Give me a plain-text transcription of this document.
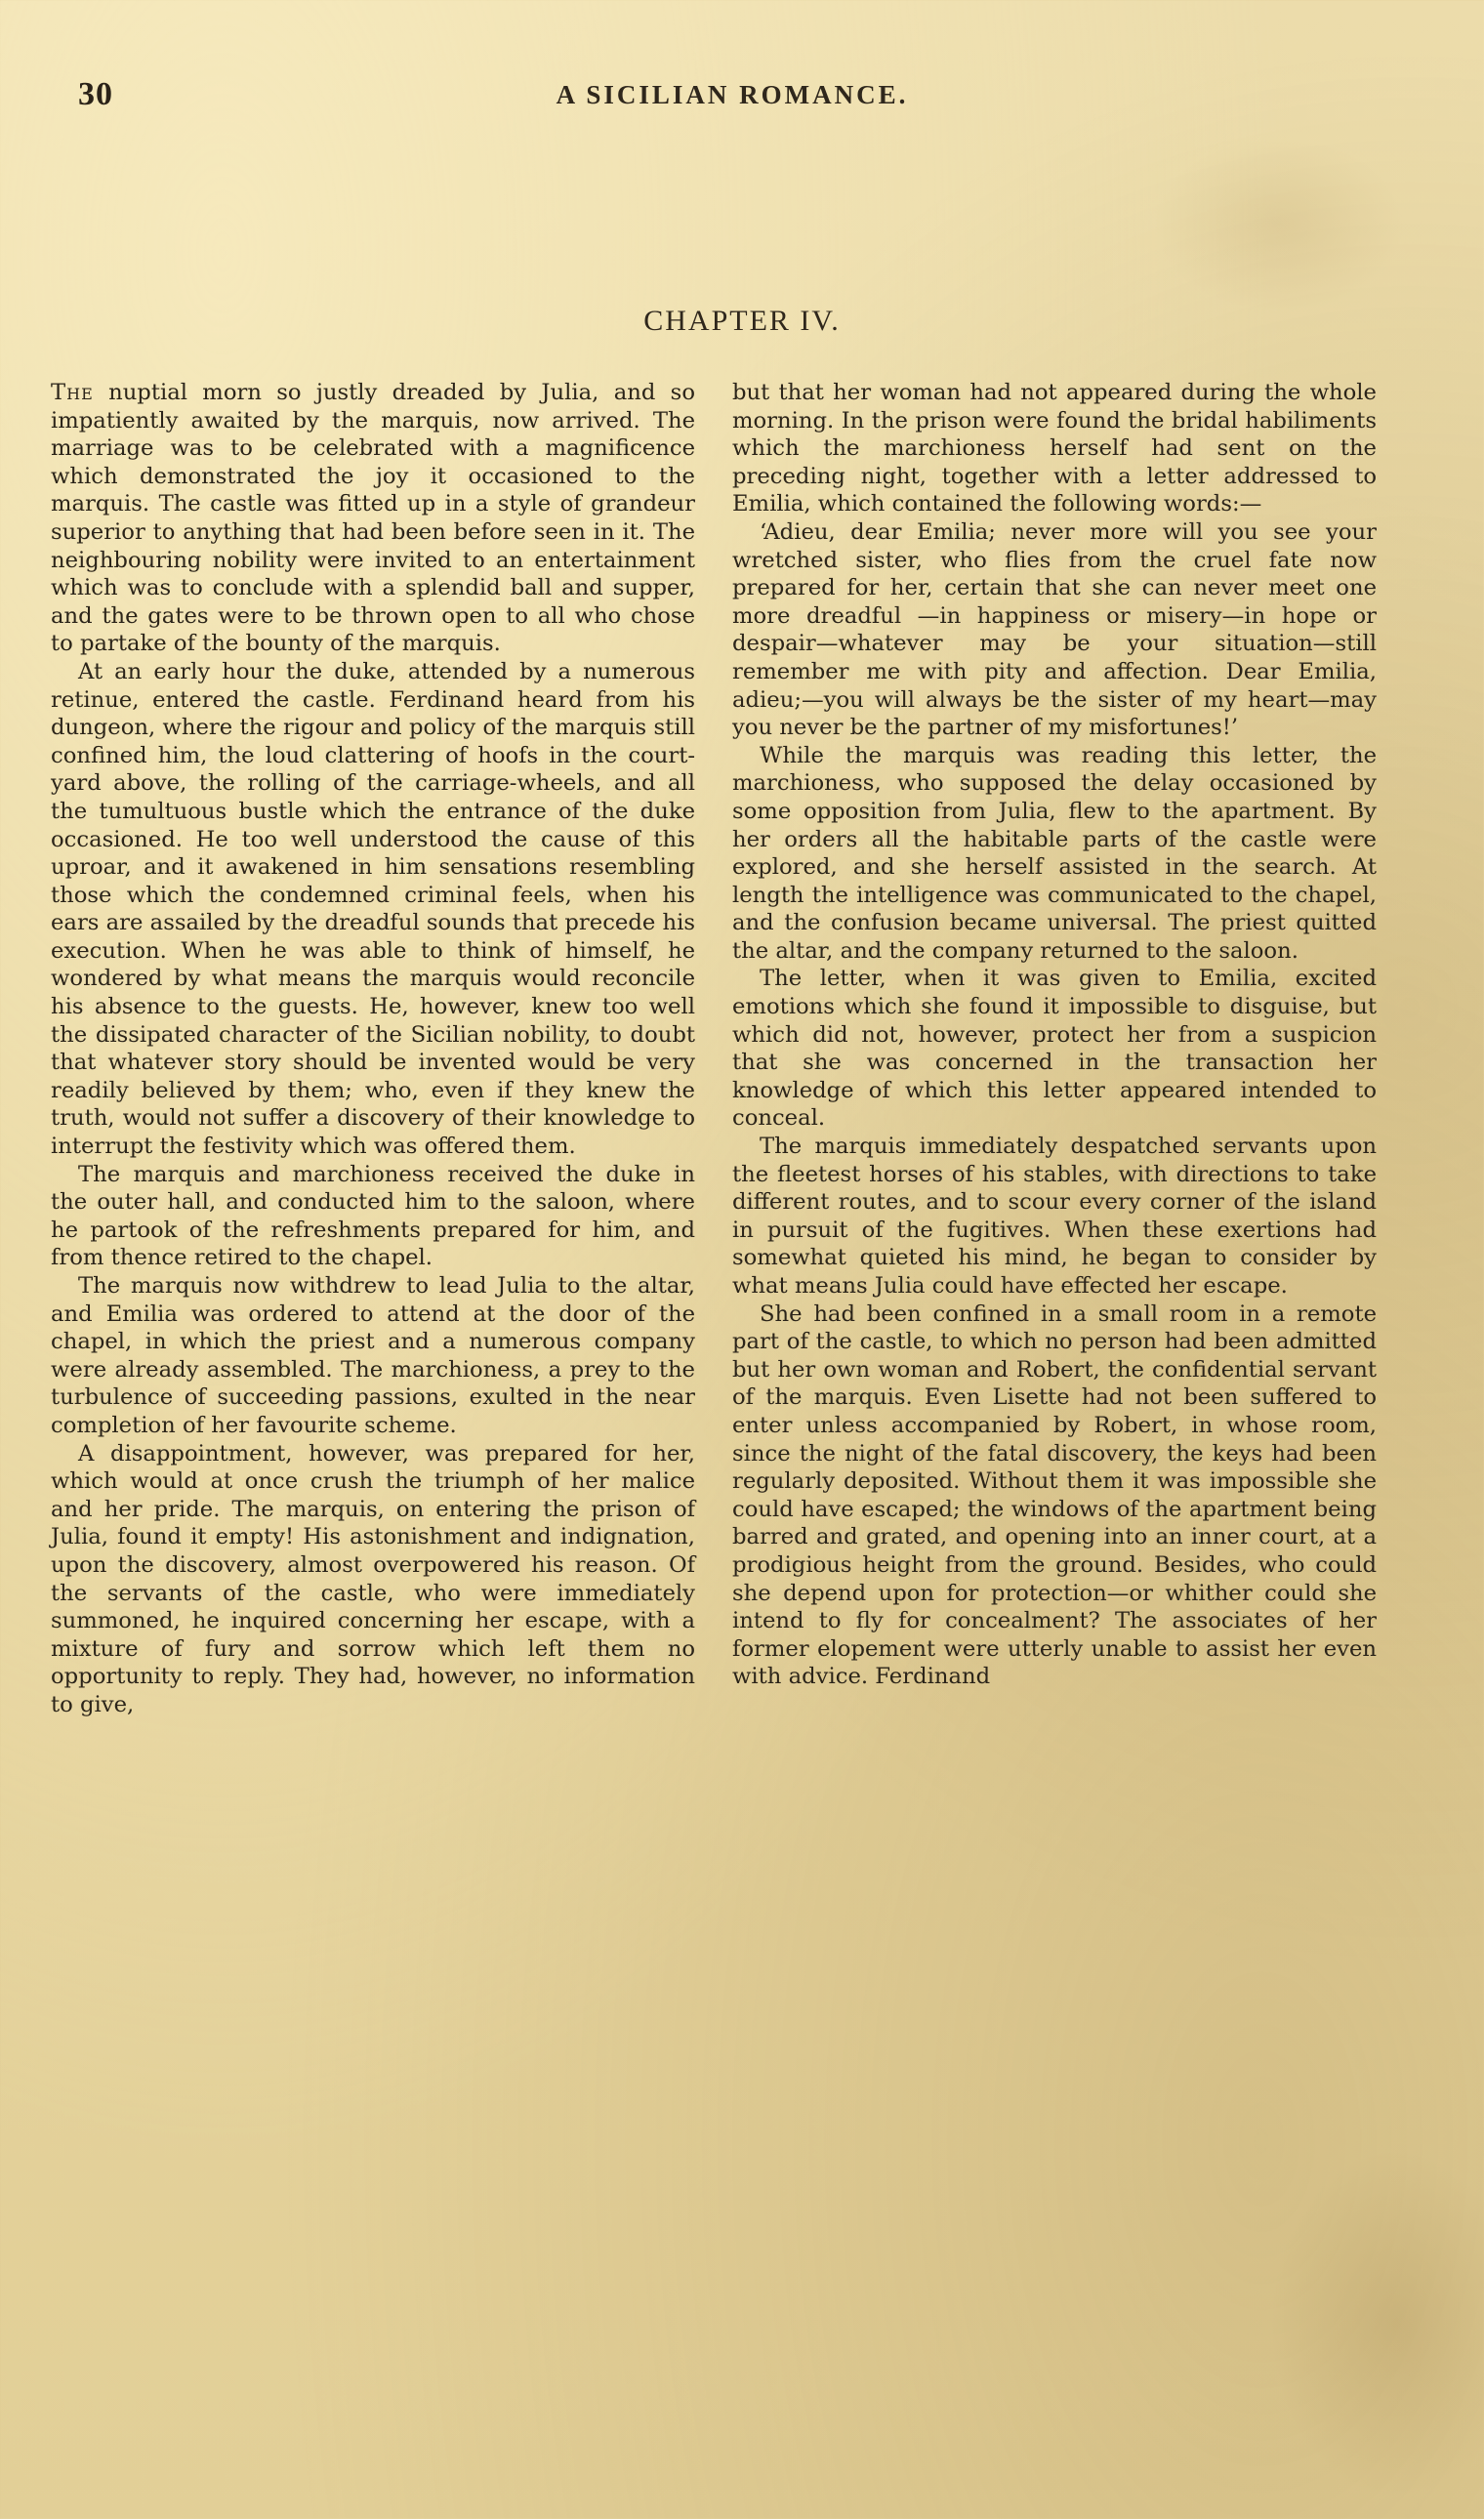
30	A SICILIAN ROMANCE.
CHAPTER IV.

The nuptial morn so justly dreaded by Julia, and so impatiently awaited by the marquis, now arrived. The marriage was to be celebrated with a magnificence which demonstrated the joy it occasioned to the marquis. The castle was fitted up in a style of grandeur superior to anything that had been before seen in it. The neighbouring nobility were invited to an entertainment which was to conclude with a splendid ball and supper, and the gates were to be thrown open to all who chose to partake of the bounty of the marquis.

At an early hour the duke, attended by a numerous retinue, entered the castle. Ferdinand heard from his dungeon, where the rigour and policy of the marquis still confined him, the loud clattering of hoofs in the court-yard above, the rolling of the carriage-wheels, and all the tumultuous bustle which the entrance of the duke occasioned. He too well understood the cause of this uproar, and it awakened in him sensations resembling those which the condemned criminal feels, when his ears are assailed by the dreadful sounds that precede his execution. When he was able to think of himself, he wondered by what means the marquis would reconcile his absence to the guests. He, however, knew too well the dissipated character of the Sicilian nobility, to doubt that whatever story should be invented would be very readily believed by them; who, even if they knew the truth, would not suffer a discovery of their knowledge to interrupt the festivity which was offered them.

The marquis and marchioness received the duke in the outer hall, and conducted him to the saloon, where he partook of the refreshments prepared for him, and from thence retired to the chapel.

The marquis now withdrew to lead Julia to the altar, and Emilia was ordered to attend at the door of the chapel, in which the priest and a numerous company were already assembled. The marchioness, a prey to the turbulence of succeeding passions, exulted in the near completion of her favourite scheme.

A disappointment, however, was prepared for her, which would at once crush the triumph of her malice and her pride. The marquis, on entering the prison of Julia, found it empty! His astonishment and indignation, upon the discovery, almost overpowered his reason. Of the servants of the castle, who were immediately summoned, he inquired concerning her escape, with a mixture of fury and sorrow which left them no opportunity to reply. They had, however, no information to give,

but that her woman had not appeared during the whole morning. In the prison were found the bridal habiliments which the marchioness herself had sent on the preceding night, together with a letter addressed to Emilia, which contained the following words:—

‘Adieu, dear Emilia; never more will you see your wretched sister, who flies from the cruel fate now prepared for her, certain that she can never meet one more dreadful —in happiness or misery—in hope or despair—whatever may be your situation—still remember me with pity and affection. Dear Emilia, adieu;—you will always be the sister of my heart—may you never be the partner of my misfortunes!’

While the marquis was reading this letter, the marchioness, who supposed the delay occasioned by some opposition from Julia, flew to the apartment. By her orders all the habitable parts of the castle were explored, and she herself assisted in the search. At length the intelligence was communicated to the chapel, and the confusion became universal. The priest quitted the altar, and the company returned to the saloon.

The letter, when it was given to Emilia, excited emotions which she found it impossible to disguise, but which did not, however, protect her from a suspicion that she was concerned in the transaction her knowledge of which this letter appeared intended to conceal.

The marquis immediately despatched servants upon the fleetest horses of his stables, with directions to take different routes, and to scour every corner of the island in pursuit of the fugitives. When these exertions had somewhat quieted his mind, he began to consider by what means Julia could have effected her escape.

She had been confined in a small room in a remote part of the castle, to which no person had been admitted but her own woman and Robert, the confidential servant of the marquis. Even Lisette had not been suffered to enter unless accompanied by Robert, in whose room, since the night of the fatal discovery, the keys had been regularly deposited. Without them it was impossible she could have escaped; the windows of the apartment being barred and grated, and opening into an inner court, at a prodigious height from the ground. Besides, who could she depend upon for protection—or whither could she intend to fly for concealment? The associates of her former elopement were utterly unable to assist her even with advice. Ferdinand
